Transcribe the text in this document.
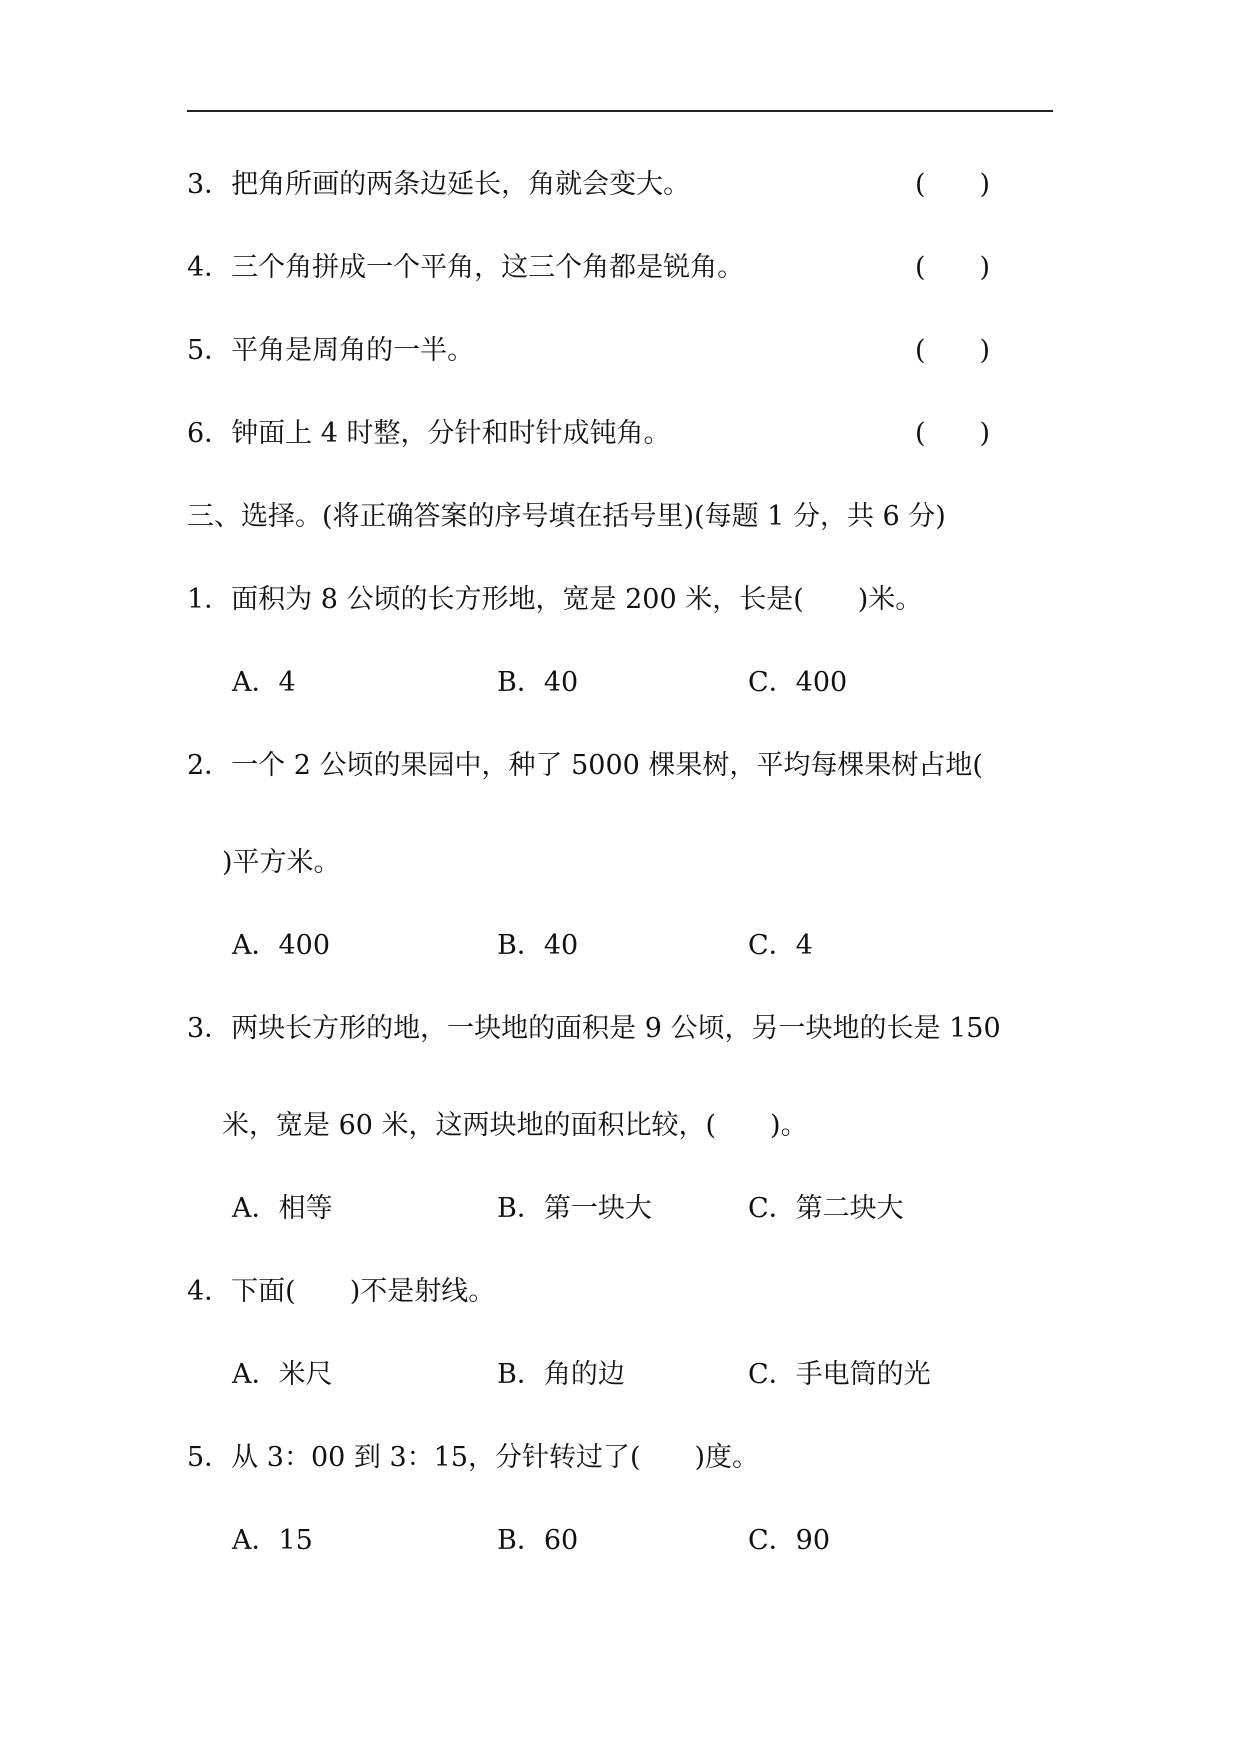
3．把角所画的两条边延长，角就会变大。	(　　)
4．三个角拼成一个平角，这三个角都是锐角。	(　　)
5．平角是周角的一半。	(　　)
6．钟面上 4 时整，分针和时针成钝角。	(　　)
三、选择。(将正确答案的序号填在括号里)(每题 1 分，共 6 分)
1．面积为 8 公顷的长方形地，宽是 200 米，长是(　　)米。
A．4	B．40	C．400
2．一个 2 公顷的果园中，种了 5000 棵果树，平均每棵果树占地(
)平方米。
A．400	B．40	C．4
3．两块长方形的地，一块地的面积是 9 公顷，另一块地的长是 150
米，宽是 60 米，这两块地的面积比较，(　　)。
A．相等	B．第一块大	C．第二块大
4．下面(　　)不是射线。
A．米尺	B．角的边	C．手电筒的光
5．从 3：00 到 3：15，分针转过了(　　)度。
A．15	B．60	C．90
